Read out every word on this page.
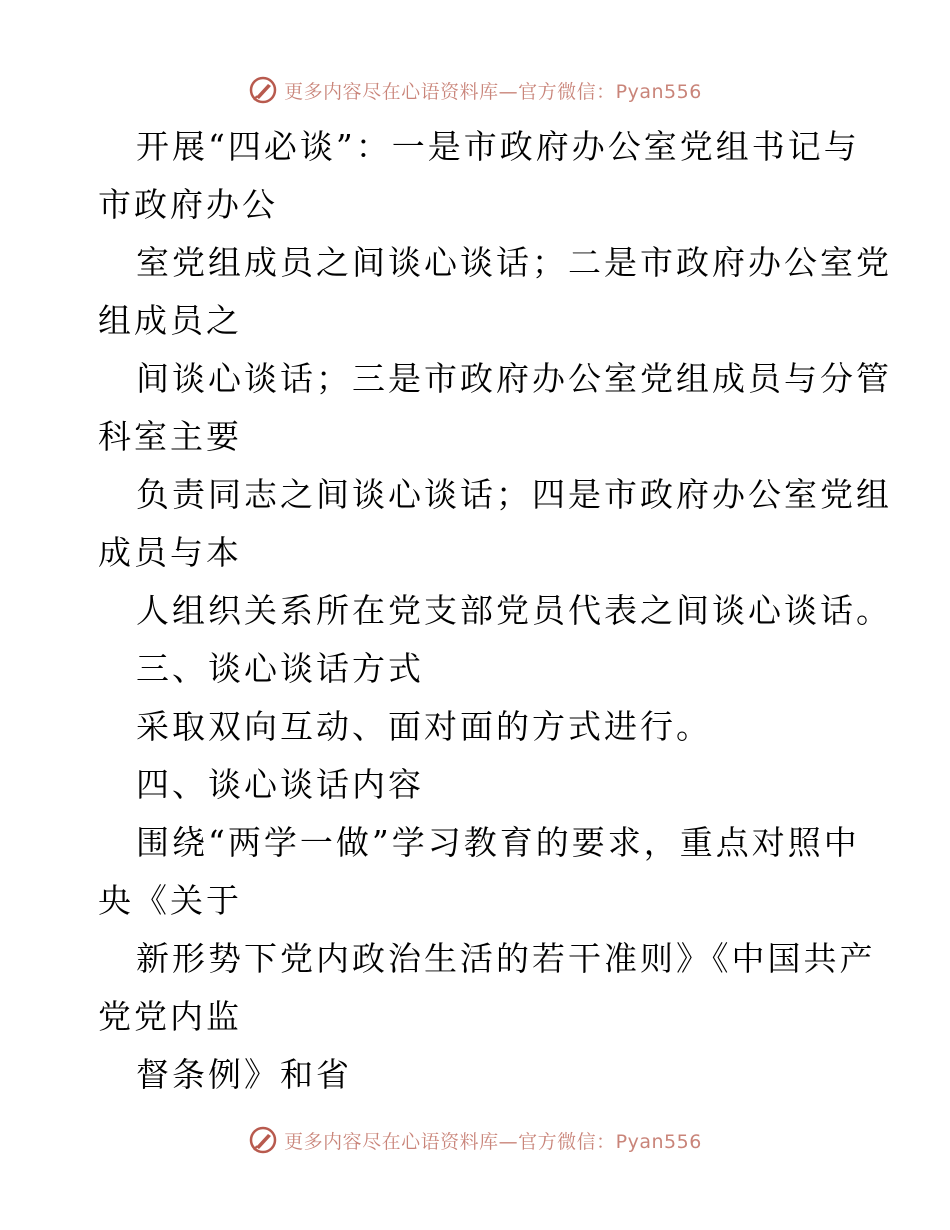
更多内容尽在心语资料库—官方微信：Pyan556
开展“四必谈”：一是市政府办公室党组书记与
市政府办公
室党组成员之间谈心谈话；二是市政府办公室党
组成员之
间谈心谈话；三是市政府办公室党组成员与分管
科室主要
负责同志之间谈心谈话；四是市政府办公室党组
成员与本
人组织关系所在党支部党员代表之间谈心谈话。
三、谈心谈话方式
采取双向互动、面对面的方式进行。
四、谈心谈话内容
围绕“两学一做”学习教育的要求，重点对照中
央《关于
新形势下党内政治生活的若干准则》《中国共产
党党内监
督条例》和省
更多内容尽在心语资料库—官方微信：Pyan556
